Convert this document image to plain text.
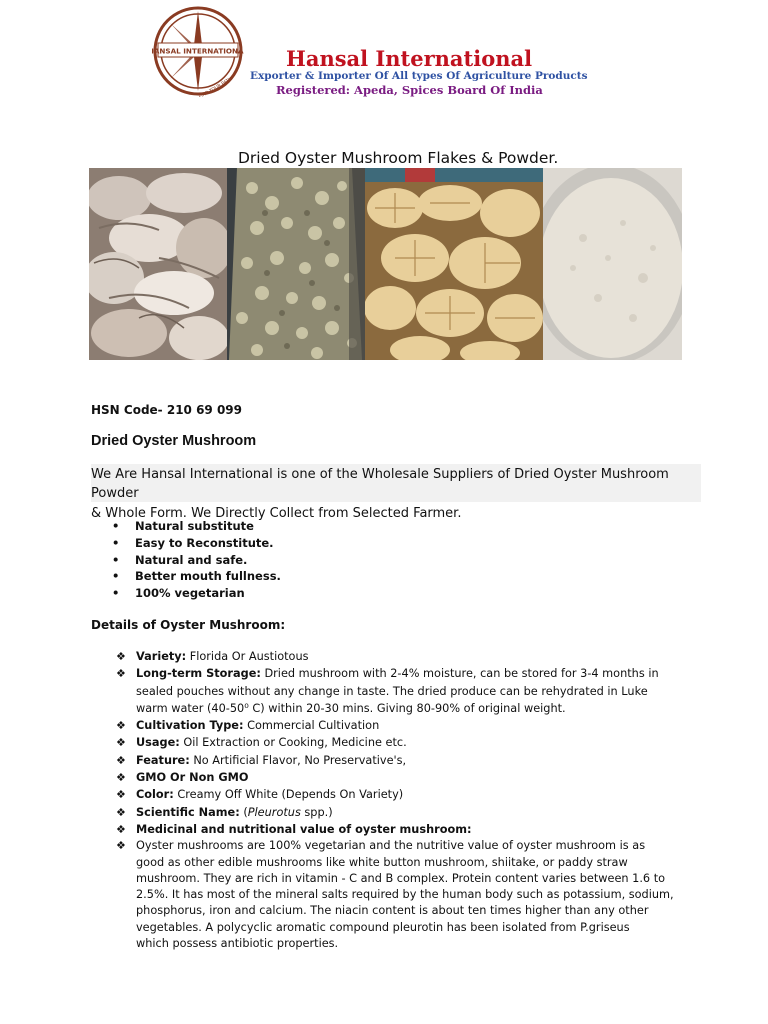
HANSAL INTERNATIONAL
FIND YOUR PATH
Hansal International
Exporter & Importer Of All types Of Agriculture Products
Registered: Apeda, Spices Board Of India
Dried Oyster Mushroom Flakes & Powder.
HSN Code- 210 69 099
Dried Oyster Mushroom

We Are Hansal International is one of the Wholesale Suppliers of Dried Oyster Mushroom Powder

& Whole Form. We Directly Collect from Selected Farmer.

• Natural substitute
• Easy to Reconstitute.
• Natural and safe.
• Better mouth fullness.
• 100% vegetarian
Details of Oyster Mushroom:
❖ Variety: Florida Or Austiotous
❖ Long-term Storage: Dried mushroom with 2-4% moisture, can be stored for 3-4 months in
sealed pouches without any change in taste. The dried produce can be rehydrated in Luke
warm water (40-50⁰ C) within 20-30 mins. Giving 80-90% of original weight.
❖ Cultivation Type: Commercial Cultivation
❖ Usage: Oil Extraction or Cooking, Medicine etc.
❖ Feature: No Artificial Flavor, No Preservative's,
❖ GMO Or Non GMO
❖ Color: Creamy Off White (Depends On Variety)
❖ Scientific Name: (Pleurotus spp.)
❖ Medicinal and nutritional value of oyster mushroom:
❖ Oyster mushrooms are 100% vegetarian and the nutritive value of oyster mushroom is as
good as other edible mushrooms like white button mushroom, shiitake, or paddy straw
mushroom. They are rich in vitamin - C and B complex. Protein content varies between 1.6 to
2.5%. It has most of the mineral salts required by the human body such as potassium, sodium,
phosphorus, iron and calcium. The niacin content is about ten times higher than any other
vegetables. A polycyclic aromatic compound pleurotin has been isolated from P.griseus
which possess antibiotic properties.
